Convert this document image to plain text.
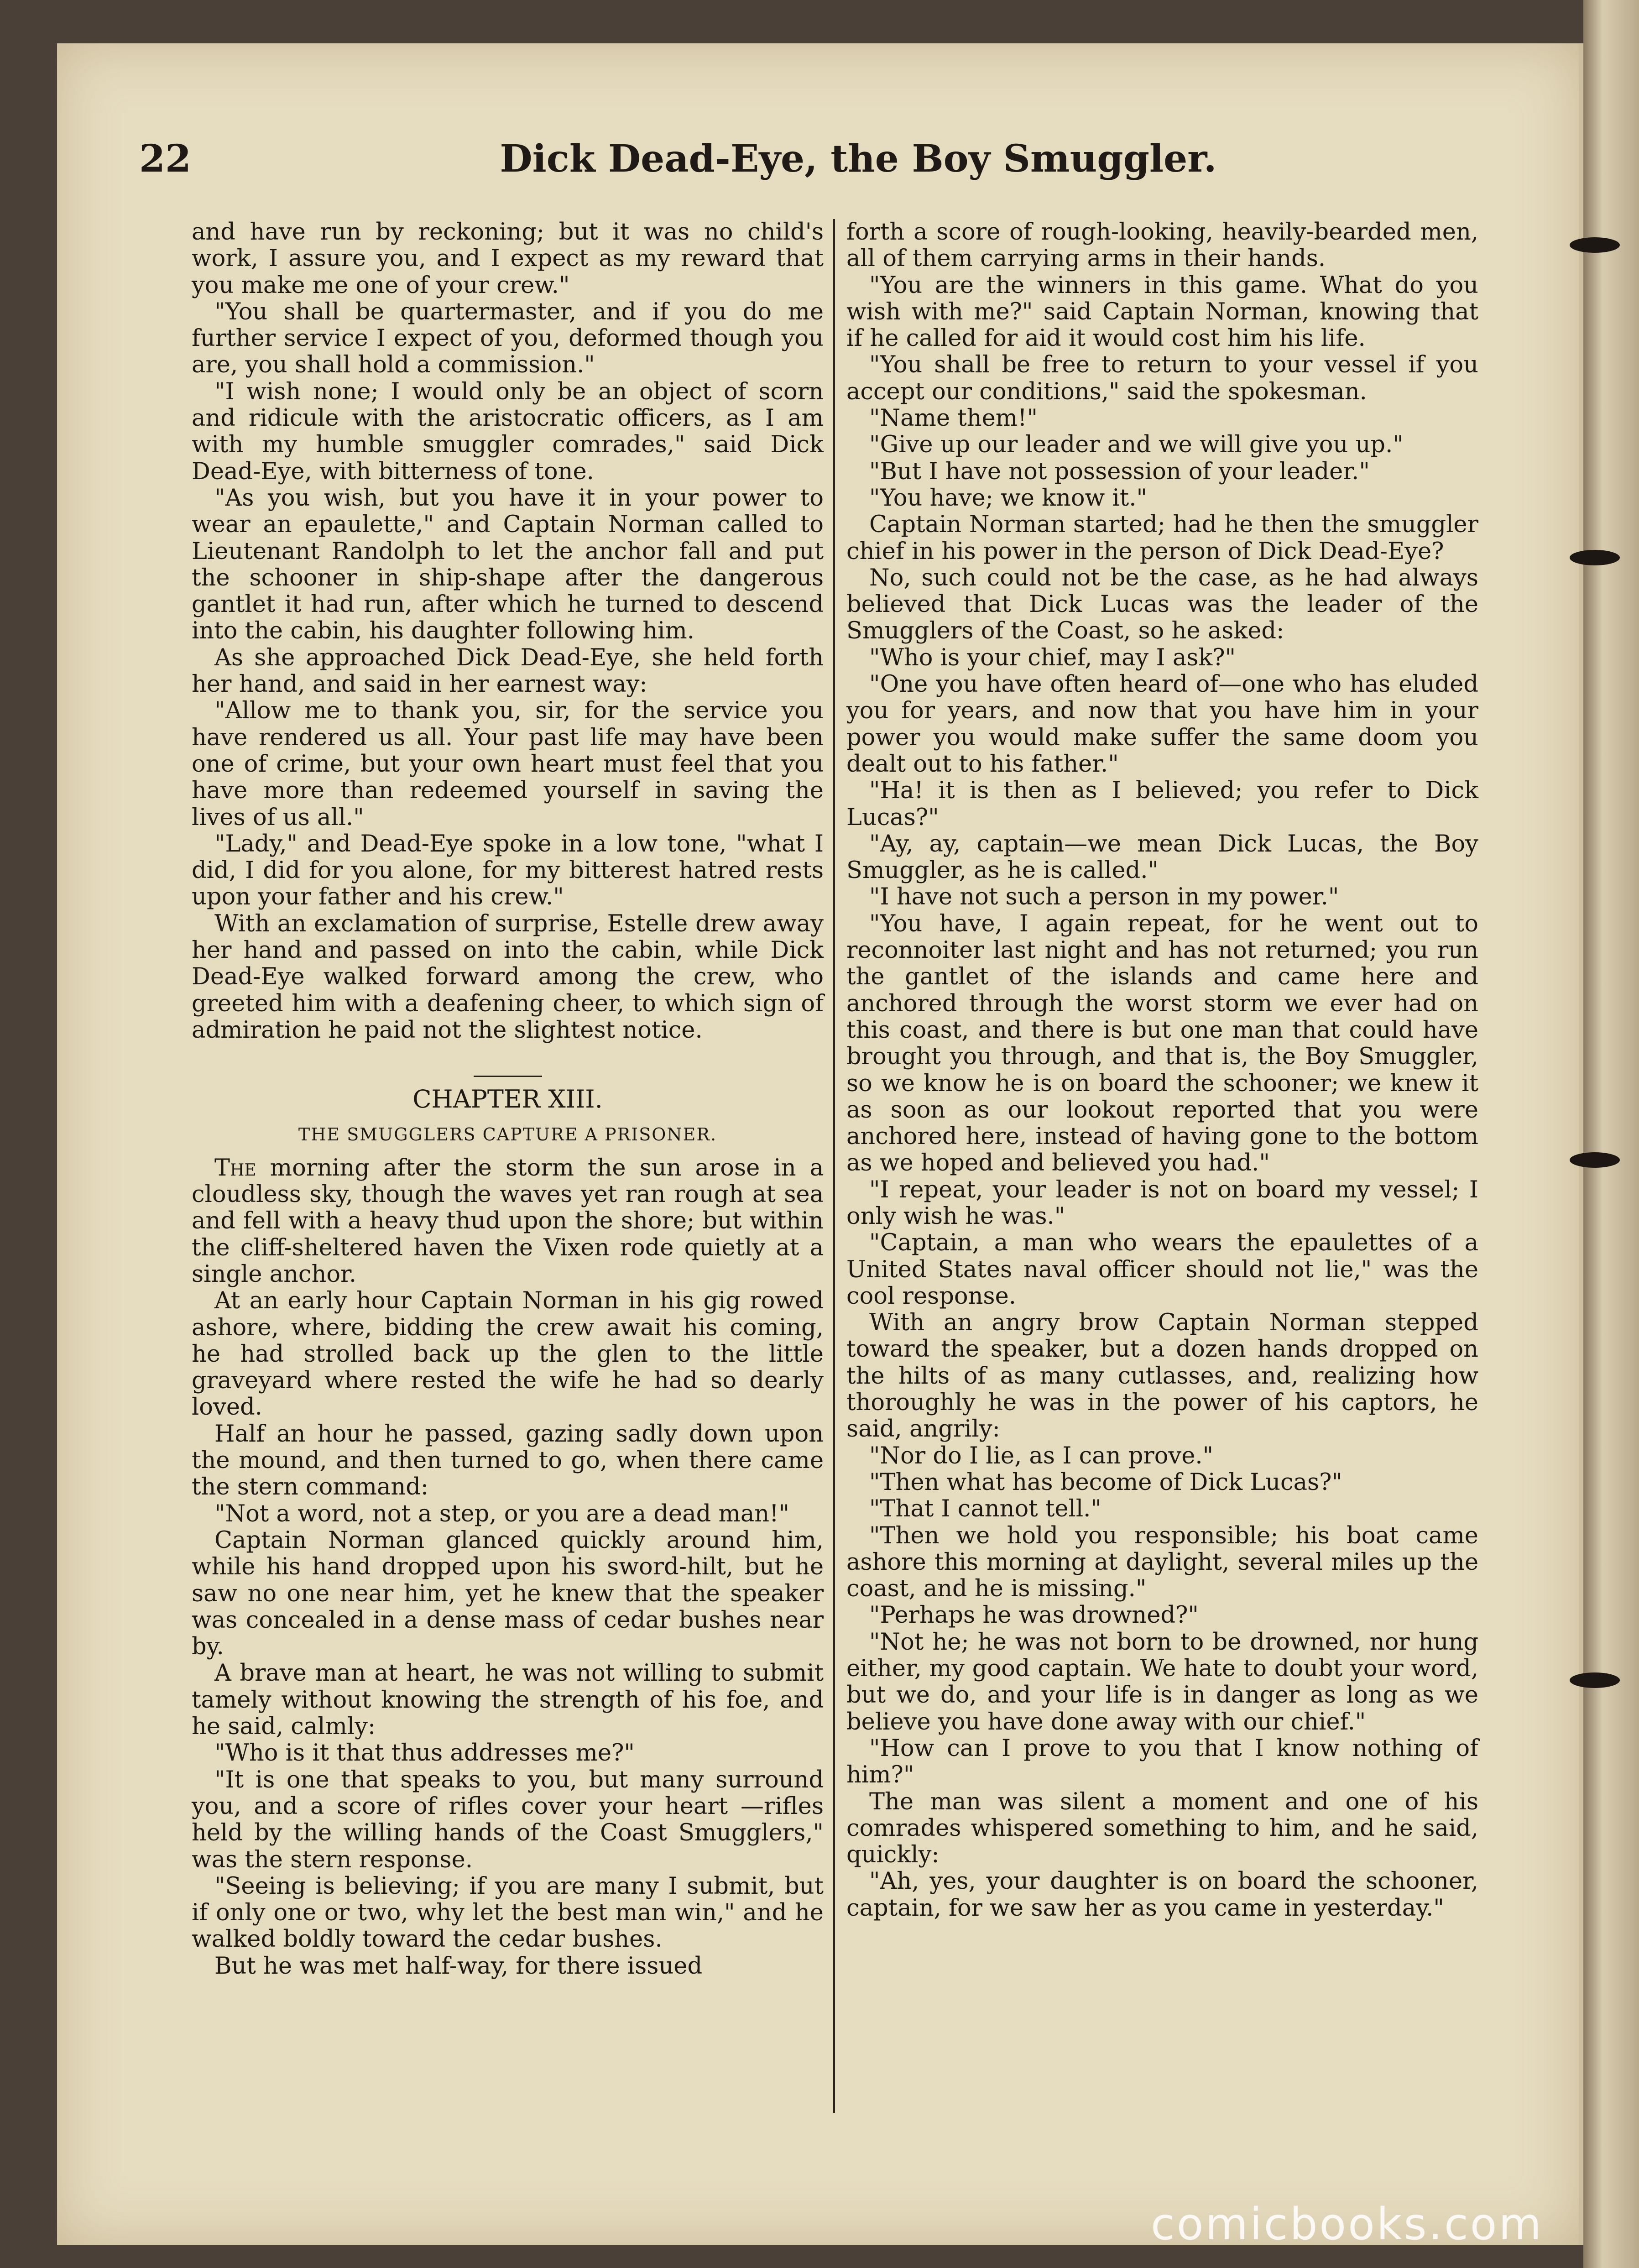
22	Dick Dead-Eye, the Boy Smuggler.

and have run by reckoning; but it was no child's work, I assure you, and I expect as my reward that you make me one of your crew."

"You shall be quartermaster, and if you do me further service I expect of you, deformed though you are, you shall hold a commission."

"I wish none; I would only be an object of scorn and ridicule with the aristocratic officers, as I am with my humble smuggler comrades," said Dick Dead-Eye, with bitterness of tone.

"As you wish, but you have it in your power to wear an epaulette," and Captain Norman called to Lieutenant Randolph to let the anchor fall and put the schooner in ship-shape after the dangerous gantlet it had run, after which he turned to descend into the cabin, his daughter following him.

As she approached Dick Dead-Eye, she held forth her hand, and said in her earnest way:

"Allow me to thank you, sir, for the service you have rendered us all. Your past life may have been one of crime, but your own heart must feel that you have more than redeemed yourself in saving the lives of us all."

"Lady," and Dead-Eye spoke in a low tone, "what I did, I did for you alone, for my bitterest hatred rests upon your father and his crew."

With an exclamation of surprise, Estelle drew away her hand and passed on into the cabin, while Dick Dead-Eye walked forward among the crew, who greeted him with a deafening cheer, to which sign of admiration he paid not the slightest notice.

CHAPTER XIII.
THE SMUGGLERS CAPTURE A PRISONER.

The morning after the storm the sun arose in a cloudless sky, though the waves yet ran rough at sea and fell with a heavy thud upon the shore; but within the cliff-sheltered haven the Vixen rode quietly at a single anchor.

At an early hour Captain Norman in his gig rowed ashore, where, bidding the crew await his coming, he had strolled back up the glen to the little graveyard where rested the wife he had so dearly loved.

Half an hour he passed, gazing sadly down upon the mound, and then turned to go, when there came the stern command:

"Not a word, not a step, or you are a dead man!"

Captain Norman glanced quickly around him, while his hand dropped upon his sword-hilt, but he saw no one near him, yet he knew that the speaker was concealed in a dense mass of cedar bushes near by.

A brave man at heart, he was not willing to submit tamely without knowing the strength of his foe, and he said, calmly:

"Who is it that thus addresses me?"

"It is one that speaks to you, but many surround you, and a score of rifles cover your heart —rifles held by the willing hands of the Coast Smugglers," was the stern response.

"Seeing is believing; if you are many I submit, but if only one or two, why let the best man win," and he walked boldly toward the cedar bushes.

But he was met half-way, for there issued

forth a score of rough-looking, heavily-bearded men, all of them carrying arms in their hands.

"You are the winners in this game. What do you wish with me?" said Captain Norman, knowing that if he called for aid it would cost him his life.

"You shall be free to return to your vessel if you accept our conditions," said the spokesman.

"Name them!"

"Give up our leader and we will give you up."

"But I have not possession of your leader."

"You have; we know it."

Captain Norman started; had he then the smuggler chief in his power in the person of Dick Dead-Eye?

No, such could not be the case, as he had always believed that Dick Lucas was the leader of the Smugglers of the Coast, so he asked:

"Who is your chief, may I ask?"

"One you have often heard of—one who has eluded you for years, and now that you have him in your power you would make suffer the same doom you dealt out to his father."

"Ha! it is then as I believed; you refer to Dick Lucas?"

"Ay, ay, captain—we mean Dick Lucas, the Boy Smuggler, as he is called."

"I have not such a person in my power."

"You have, I again repeat, for he went out to reconnoiter last night and has not returned; you run the gantlet of the islands and came here and anchored through the worst storm we ever had on this coast, and there is but one man that could have brought you through, and that is, the Boy Smuggler, so we know he is on board the schooner; we knew it as soon as our lookout reported that you were anchored here, instead of having gone to the bottom as we hoped and believed you had."

"I repeat, your leader is not on board my vessel; I only wish he was."

"Captain, a man who wears the epaulettes of a United States naval officer should not lie," was the cool response.

With an angry brow Captain Norman stepped toward the speaker, but a dozen hands dropped on the hilts of as many cutlasses, and, realizing how thoroughly he was in the power of his captors, he said, angrily:

"Nor do I lie, as I can prove."

"Then what has become of Dick Lucas?"

"That I cannot tell."

"Then we hold you responsible; his boat came ashore this morning at daylight, several miles up the coast, and he is missing."

"Perhaps he was drowned?"

"Not he; he was not born to be drowned, nor hung either, my good captain. We hate to doubt your word, but we do, and your life is in danger as long as we believe you have done away with our chief."

"How can I prove to you that I know nothing of him?"

The man was silent a moment and one of his comrades whispered something to him, and he said, quickly:

"Ah, yes, your daughter is on board the schooner, captain, for we saw her as you came in yesterday."

comicbooks.com
